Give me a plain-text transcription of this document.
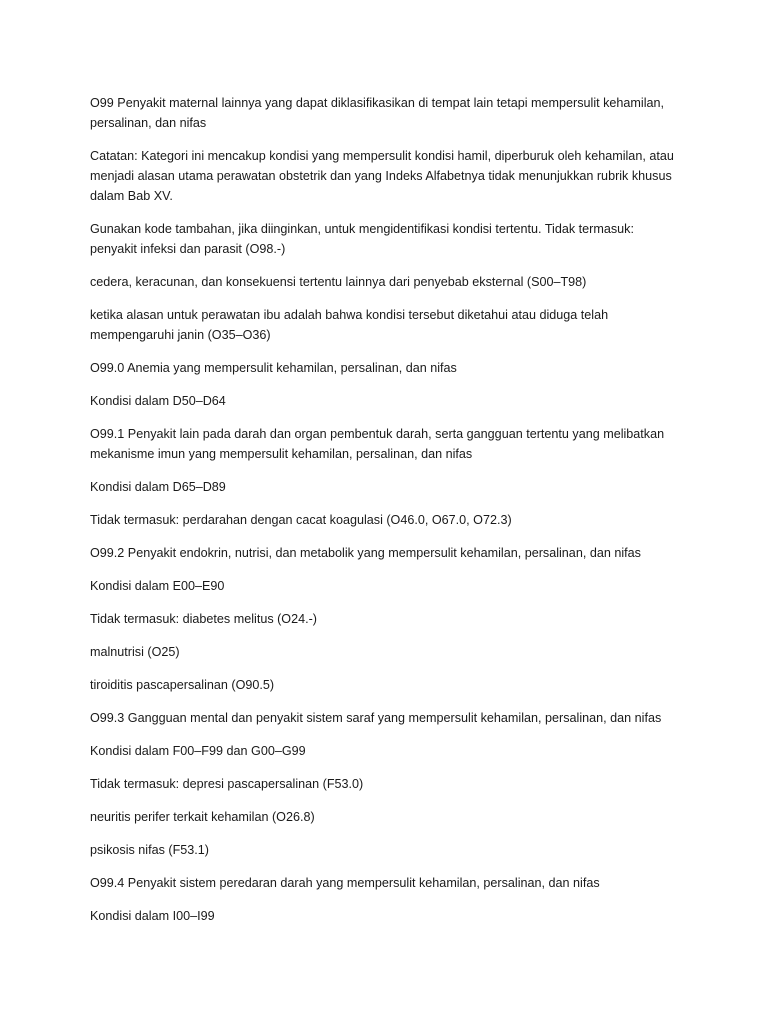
O99 Penyakit maternal lainnya yang dapat diklasifikasikan di tempat lain tetapi mempersulit kehamilan, persalinan, dan nifas

Catatan: Kategori ini mencakup kondisi yang mempersulit kondisi hamil, diperburuk oleh kehamilan, atau menjadi alasan utama perawatan obstetrik dan yang Indeks Alfabetnya tidak menunjukkan rubrik khusus dalam Bab XV.

Gunakan kode tambahan, jika diinginkan, untuk mengidentifikasi kondisi tertentu. Tidak termasuk: penyakit infeksi dan parasit (O98.-)

cedera, keracunan, dan konsekuensi tertentu lainnya dari penyebab eksternal (S00–T98)

ketika alasan untuk perawatan ibu adalah bahwa kondisi tersebut diketahui atau diduga telah mempengaruhi janin (O35–O36)

O99.0 Anemia yang mempersulit kehamilan, persalinan, dan nifas

Kondisi dalam D50–D64

O99.1 Penyakit lain pada darah dan organ pembentuk darah, serta gangguan tertentu yang melibatkan mekanisme imun yang mempersulit kehamilan, persalinan, dan nifas

Kondisi dalam D65–D89

Tidak termasuk: perdarahan dengan cacat koagulasi (O46.0, O67.0, O72.3)

O99.2 Penyakit endokrin, nutrisi, dan metabolik yang mempersulit kehamilan, persalinan, dan nifas

Kondisi dalam E00–E90

Tidak termasuk: diabetes melitus (O24.-)

malnutrisi (O25)

tiroiditis pascapersalinan (O90.5)

O99.3 Gangguan mental dan penyakit sistem saraf yang mempersulit kehamilan, persalinan, dan nifas

Kondisi dalam F00–F99 dan G00–G99

Tidak termasuk: depresi pascapersalinan (F53.0)

neuritis perifer terkait kehamilan (O26.8)

psikosis nifas (F53.1)

O99.4 Penyakit sistem peredaran darah yang mempersulit kehamilan, persalinan, dan nifas

Kondisi dalam I00–I99
